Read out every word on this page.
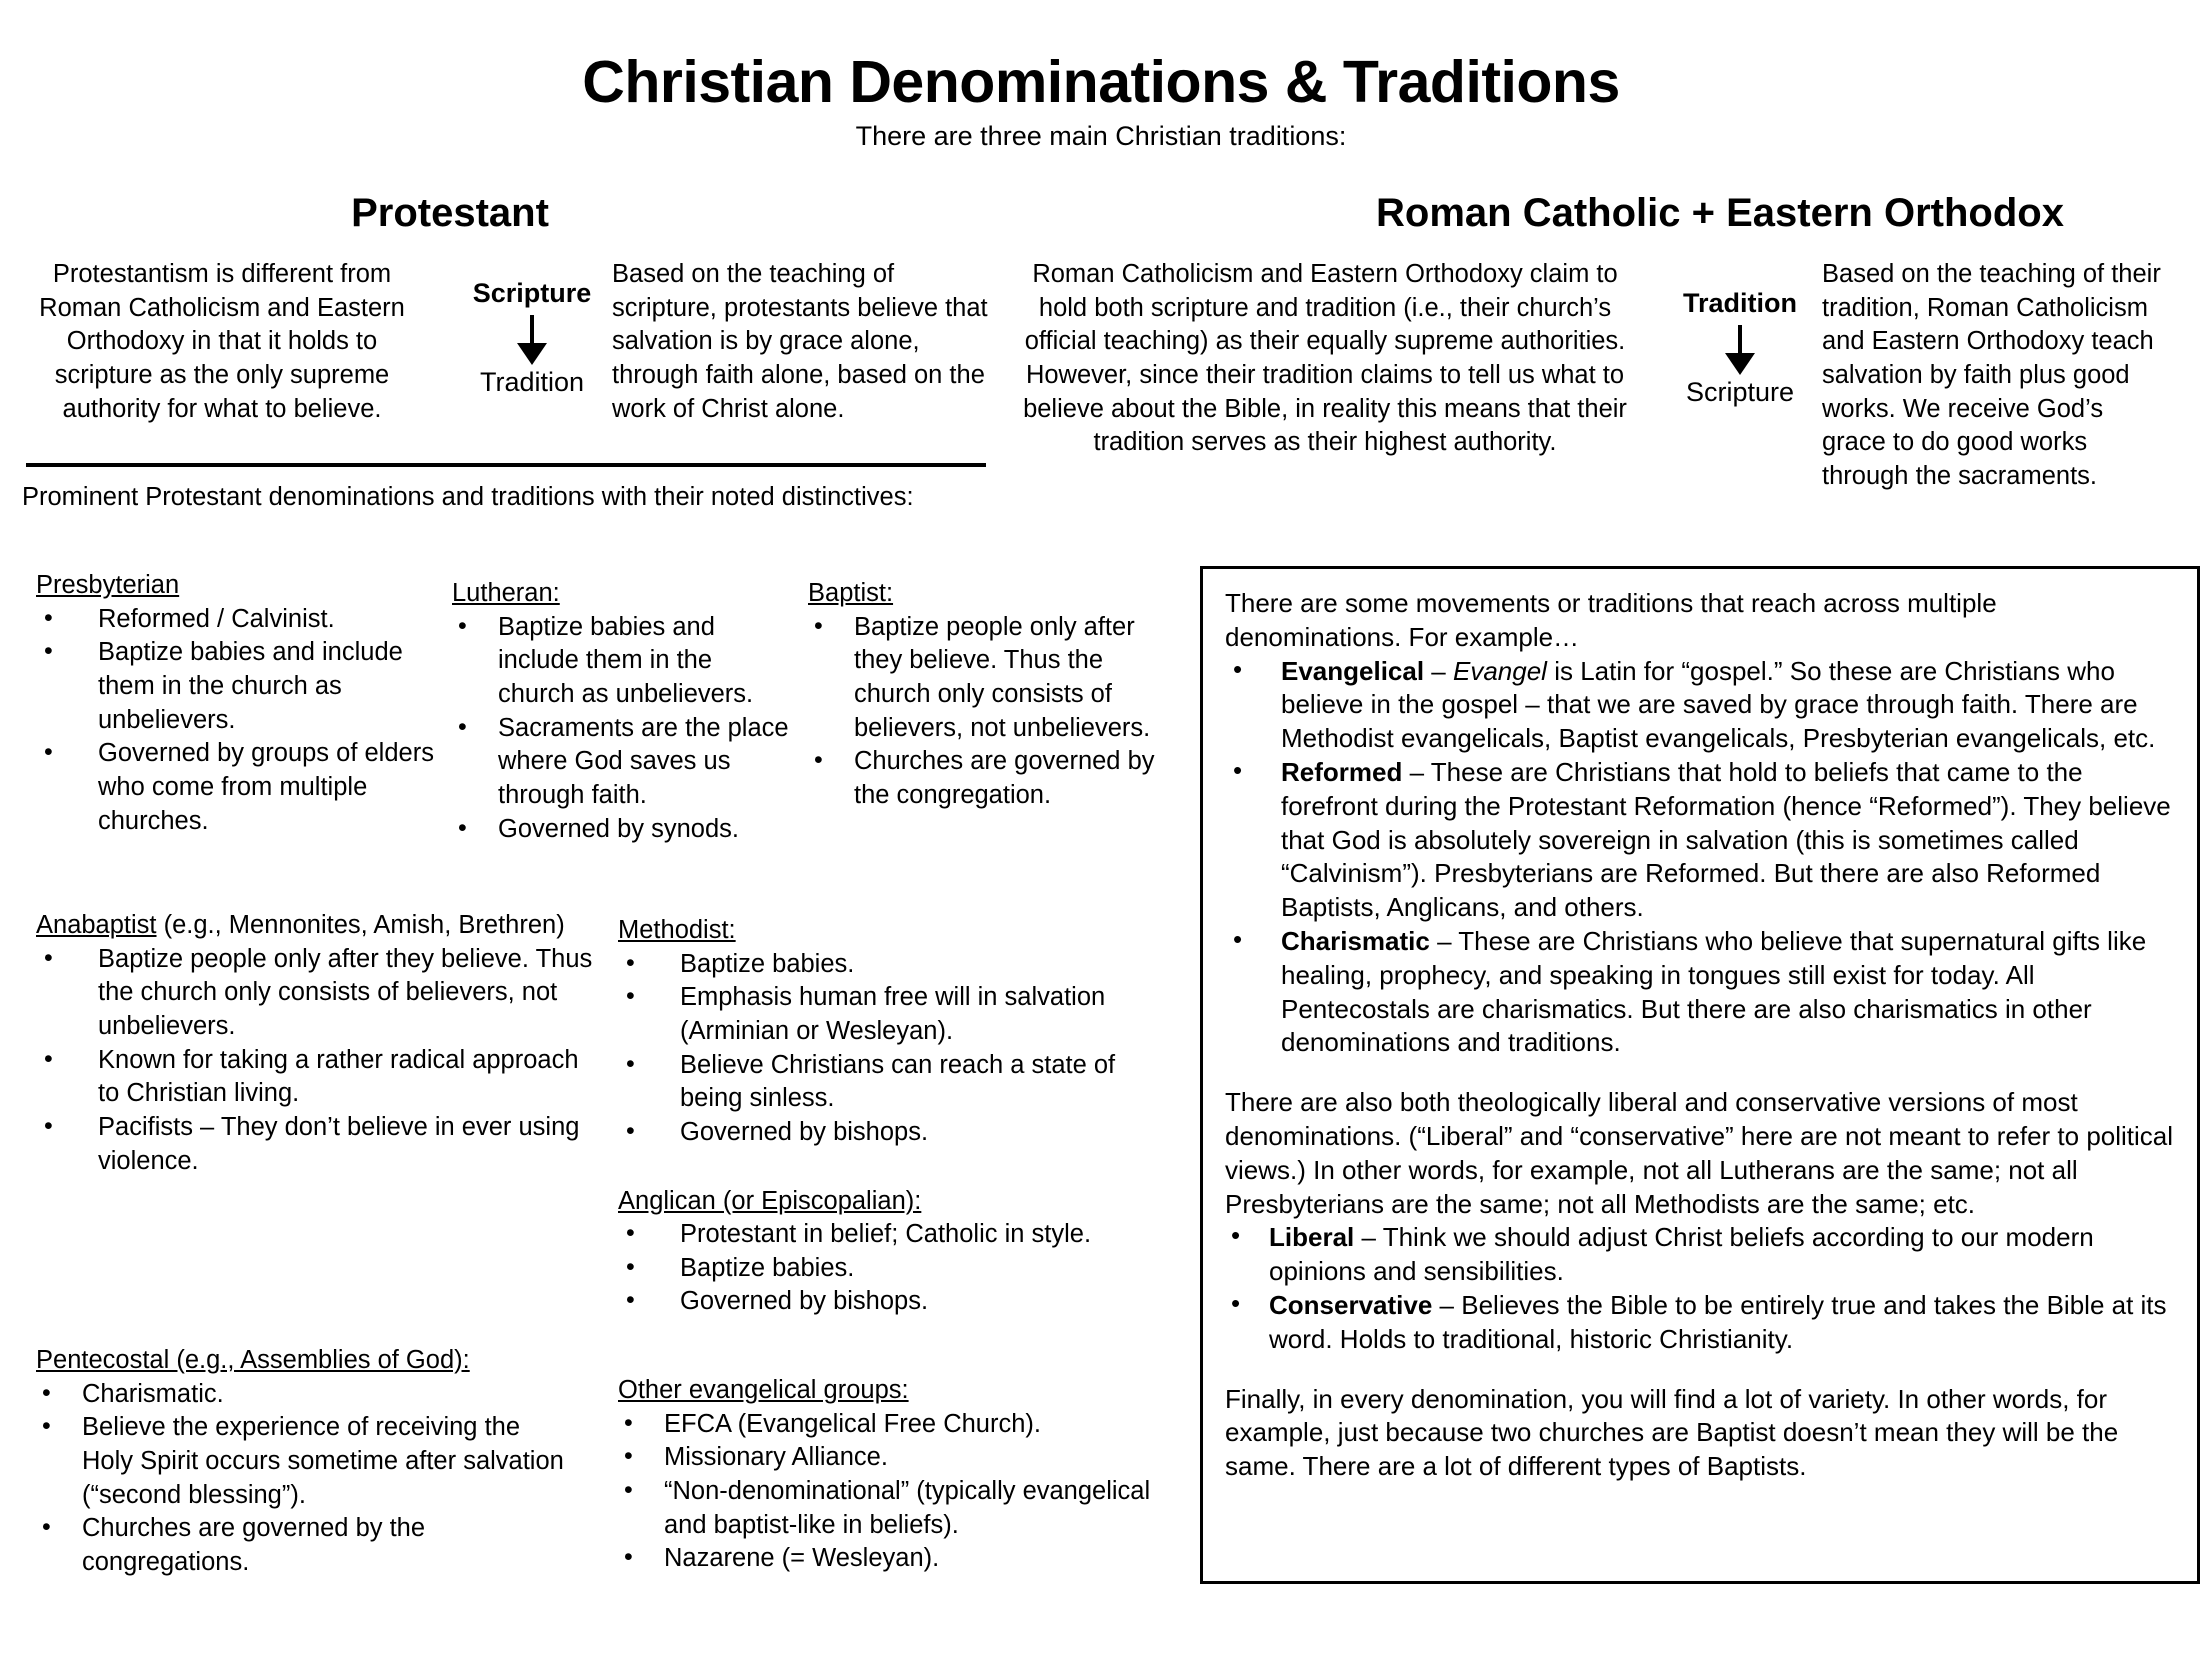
Christian Denominations & Traditions
There are three main Christian traditions:
Protestant	Roman Catholic + Eastern Orthodox
Protestantism is different from Roman Catholicism and Eastern Orthodoxy in that it holds to scripture as the only supreme authority for what to believe.
Scripture
Tradition
Based on the teaching of scripture, protestants believe that salvation is by grace alone, through faith alone, based on the work of Christ alone.
Roman Catholicism and Eastern Orthodoxy claim to hold both scripture and tradition (i.e., their church’s official teaching) as their equally supreme authorities. However, since their tradition claims to tell us what to believe about the Bible, in reality this means that their tradition serves as their highest authority.
Tradition
Scripture
Based on the teaching of their tradition, Roman Catholicism and Eastern Orthodoxy teach salvation by faith plus good works. We receive God’s grace to do good works through the sacraments.
Prominent Protestant denominations and traditions with their noted distinctives:
Presbyterian
• Reformed / Calvinist.
• Baptize babies and include them in the church as unbelievers.
• Governed by groups of elders who come from multiple churches.
Lutheran:
• Baptize babies and include them in the church as unbelievers.
• Sacraments are the place where God saves us through faith.
• Governed by synods.
Baptist:
• Baptize people only after they believe. Thus the church only consists of believers, not unbelievers.
• Churches are governed by the congregation.
Anabaptist (e.g., Mennonites, Amish, Brethren)
• Baptize people only after they believe. Thus the church only consists of believers, not unbelievers.
• Known for taking a rather radical approach to Christian living.
• Pacifists – They don’t believe in ever using violence.
Methodist:
• Baptize babies.
• Emphasis human free will in salvation (Arminian or Wesleyan).
• Believe Christians can reach a state of being sinless.
• Governed by bishops.
Anglican (or Episcopalian):
• Protestant in belief; Catholic in style.
• Baptize babies.
• Governed by bishops.
Pentecostal (e.g., Assemblies of God):
• Charismatic.
• Believe the experience of receiving the Holy Spirit occurs sometime after salvation (“second blessing”).
• Churches are governed by the congregations.
Other evangelical groups:
• EFCA (Evangelical Free Church).
• Missionary Alliance.
• “Non-denominational” (typically evangelical and baptist-like in beliefs).
• Nazarene (= Wesleyan).

There are some movements or traditions that reach across multiple denominations. For example…

• Evangelical – Evangel is Latin for “gospel.” So these are Christians who believe in the gospel – that we are saved by grace through faith. There are Methodist evangelicals, Baptist evangelicals, Presbyterian evangelicals, etc.
• Reformed – These are Christians that hold to beliefs that came to the forefront during the Protestant Reformation (hence “Reformed”). They believe that God is absolutely sovereign in salvation (this is sometimes called “Calvinism”). Presbyterians are Reformed. But there are also Reformed Baptists, Anglicans, and others.
• Charismatic – These are Christians who believe that supernatural gifts like healing, prophecy, and speaking in tongues still exist for today. All Pentecostals are charismatics. But there are also charismatics in other denominations and traditions.

There are also both theologically liberal and conservative versions of most denominations. (“Liberal” and “conservative” here are not meant to refer to political views.) In other words, for example, not all Lutherans are the same; not all Presbyterians are the same; not all Methodists are the same; etc.

• Liberal – Think we should adjust Christ beliefs according to our modern opinions and sensibilities.
• Conservative – Believes the Bible to be entirely true and takes the Bible at its word. Holds to traditional, historic Christianity.

Finally, in every denomination, you will find a lot of variety. In other words, for example, just because two churches are Baptist doesn’t mean they will be the same. There are a lot of different types of Baptists.
